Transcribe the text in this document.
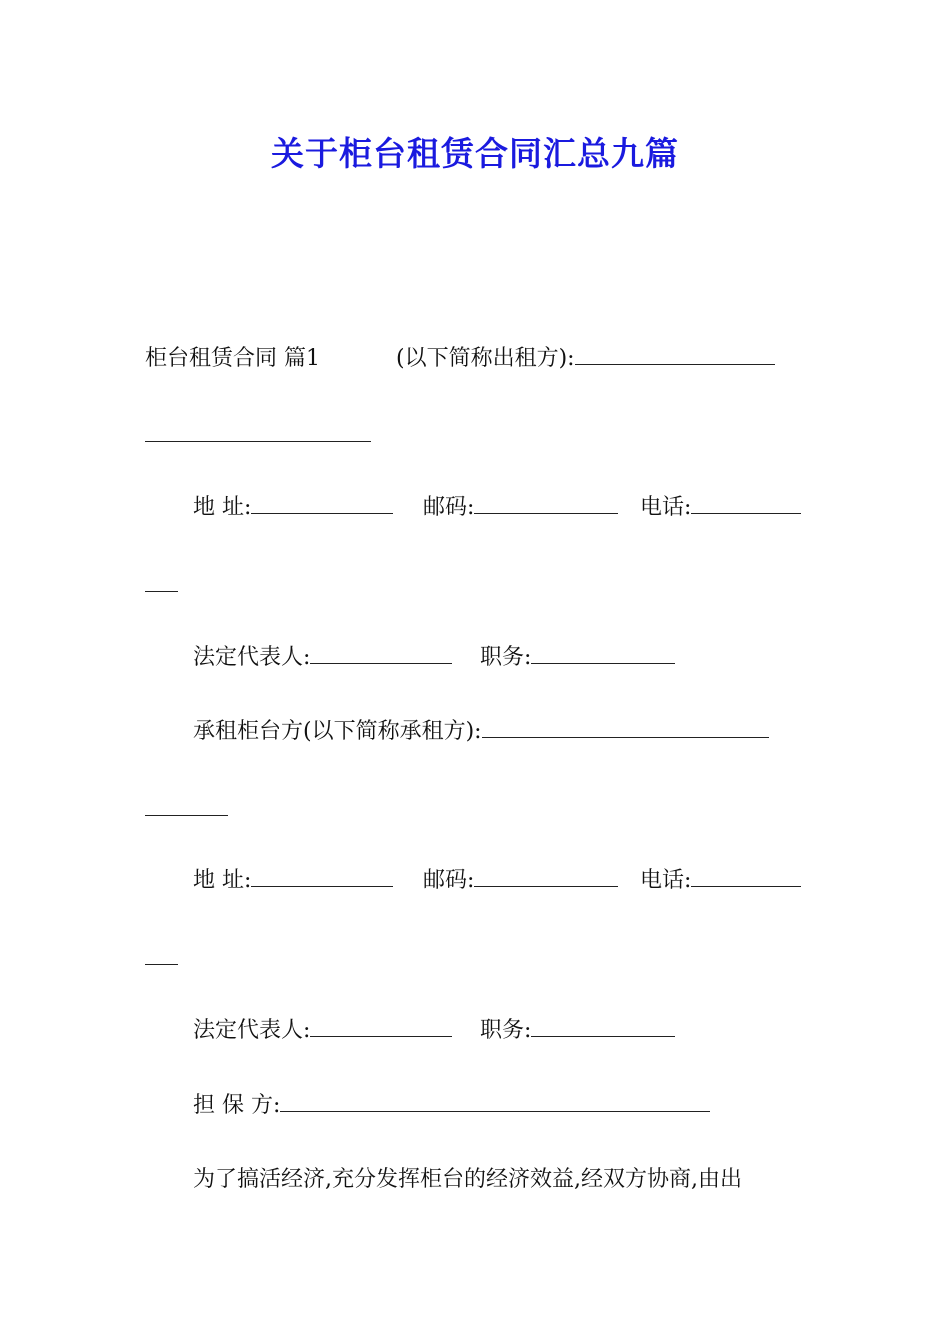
关于柜台租赁合同汇总九篇
柜台租赁合同 篇1	(以下简称出租方):
地 址:	邮码:	电话:
法定代表人:	职务:
承租柜台方(以下简称承租方):
地 址:	邮码:	电话:
法定代表人:	职务:
担 保 方:
为了搞活经济,充分发挥柜台的经济效益,经双方协商,由出
